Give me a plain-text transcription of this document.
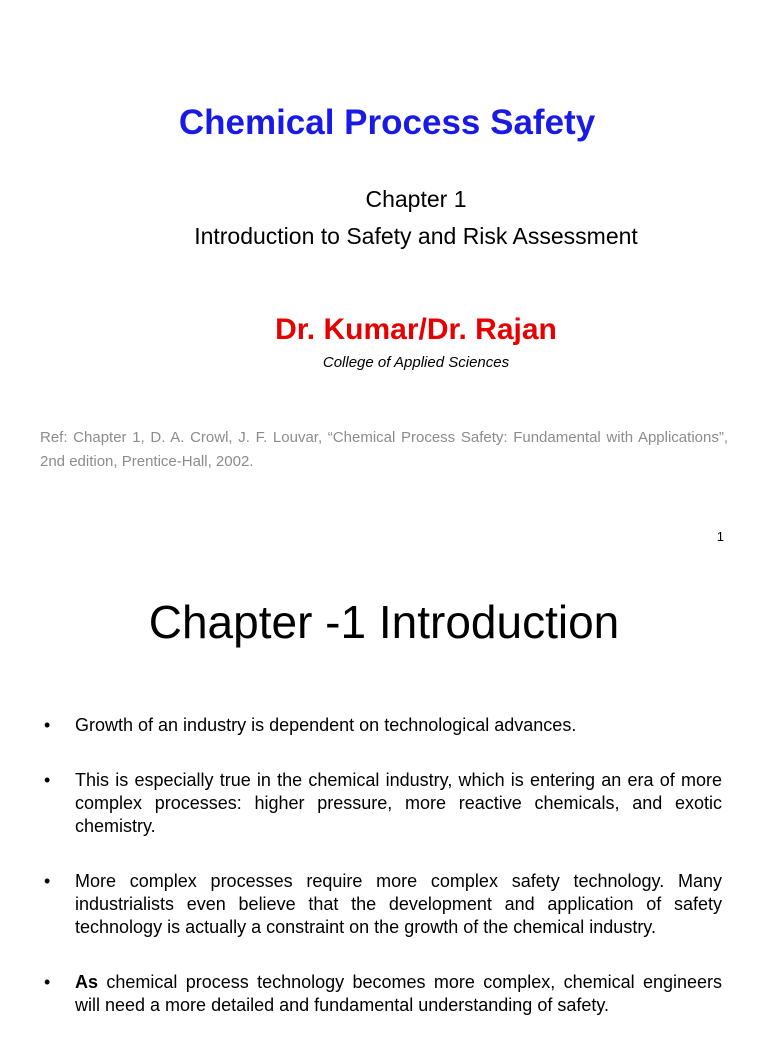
Chemical Process Safety
Chapter 1
Introduction to Safety and Risk Assessment
Dr. Kumar/Dr. Rajan
College of Applied Sciences
Ref: Chapter 1, D. A. Crowl, J. F. Louvar, “Chemical Process Safety: Fundamental with Applications”, 2nd edition, Prentice-Hall, 2002.
1
Chapter -1 Introduction
• Growth of an industry is dependent on technological advances.
• This is especially true in the chemical industry, which is entering an era of more complex processes: higher pressure, more reactive chemicals, and exotic chemistry.
• More complex processes require more complex safety technology. Many industrialists even believe that the development and application of safety technology is actually a constraint on the growth of the chemical industry.
• As chemical process technology becomes more complex, chemical engineers will need a more detailed and fundamental understanding of safety.
